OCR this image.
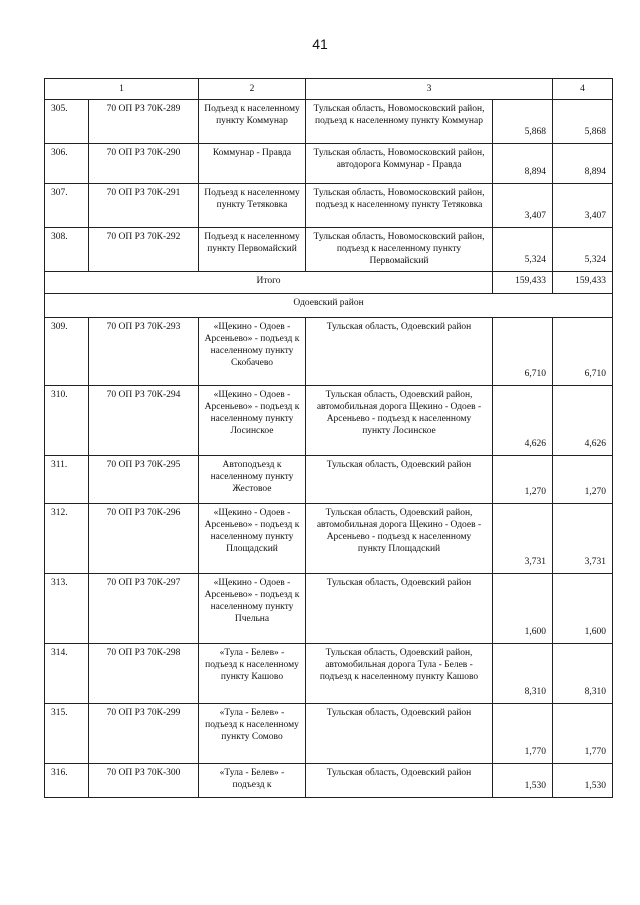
41
1		2	3		4
305.	70 ОП РЗ 70К-289	Подъезд к населенному пункту Коммунар	Тульская область, Новомосковский район, подъезд к населенному пункту Коммунар	5,868	5,868
306.	70 ОП РЗ 70К-290	Коммунар - Правда	Тульская область, Новомосковский район, автодорога Коммунар - Правда	8,894	8,894
307.	70 ОП РЗ 70К-291	Подъезд к населенному пункту Тетяковка	Тульская область, Новомосковский район, подъезд к населенному пункту Тетяковка	3,407	3,407
308.	70 ОП РЗ 70К-292	Подъезд к населенному пункту Первомайский	Тульская область, Новомосковский район, подъезд к населенному пункту Первомайский	5,324	5,324
Итого				159,433	159,433
Одоевский район					
309.	70 ОП РЗ 70К-293	«Щекино - Одоев - Арсеньево» - подъезд к населенному пункту Скобачево	Тульская область, Одоевский район	6,710	6,710
310.	70 ОП РЗ 70К-294	«Щекино - Одоев - Арсеньево» - подъезд к населенному пункту Лосинское	Тульская область, Одоевский район, автомобильная дорога Щекино - Одоев - Арсеньево - подъезд к населенному пункту Лосинское	4,626	4,626
311.	70 ОП РЗ 70К-295	Автоподъезд к населенному пункту Жестовое	Тульская область, Одоевский район	1,270	1,270
312.	70 ОП РЗ 70К-296	«Щекино - Одоев - Арсеньево» - подъезд к населенному пункту Площадский	Тульская область, Одоевский район, автомобильная дорога Щекино - Одоев - Арсеньево - подъезд к населенному пункту Площадский	3,731	3,731
313.	70 ОП РЗ 70К-297	«Щекино - Одоев - Арсеньево» - подъезд к населенному пункту Пчельна	Тульская область, Одоевский район	1,600	1,600
314.	70 ОП РЗ 70К-298	«Тула - Белев» - подъезд к населенному пункту Кашово	Тульская область, Одоевский район, автомобильная дорога Тула - Белев - подъезд к населенному пункту Кашово	8,310	8,310
315.	70 ОП РЗ 70К-299	«Тула - Белев» - подъезд к населенному пункту Сомово	Тульская область, Одоевский район	1,770	1,770
316.	70 ОП РЗ 70К-300	«Тула - Белев» - подъезд к	Тульская область, Одоевский район	1,530	1,530
